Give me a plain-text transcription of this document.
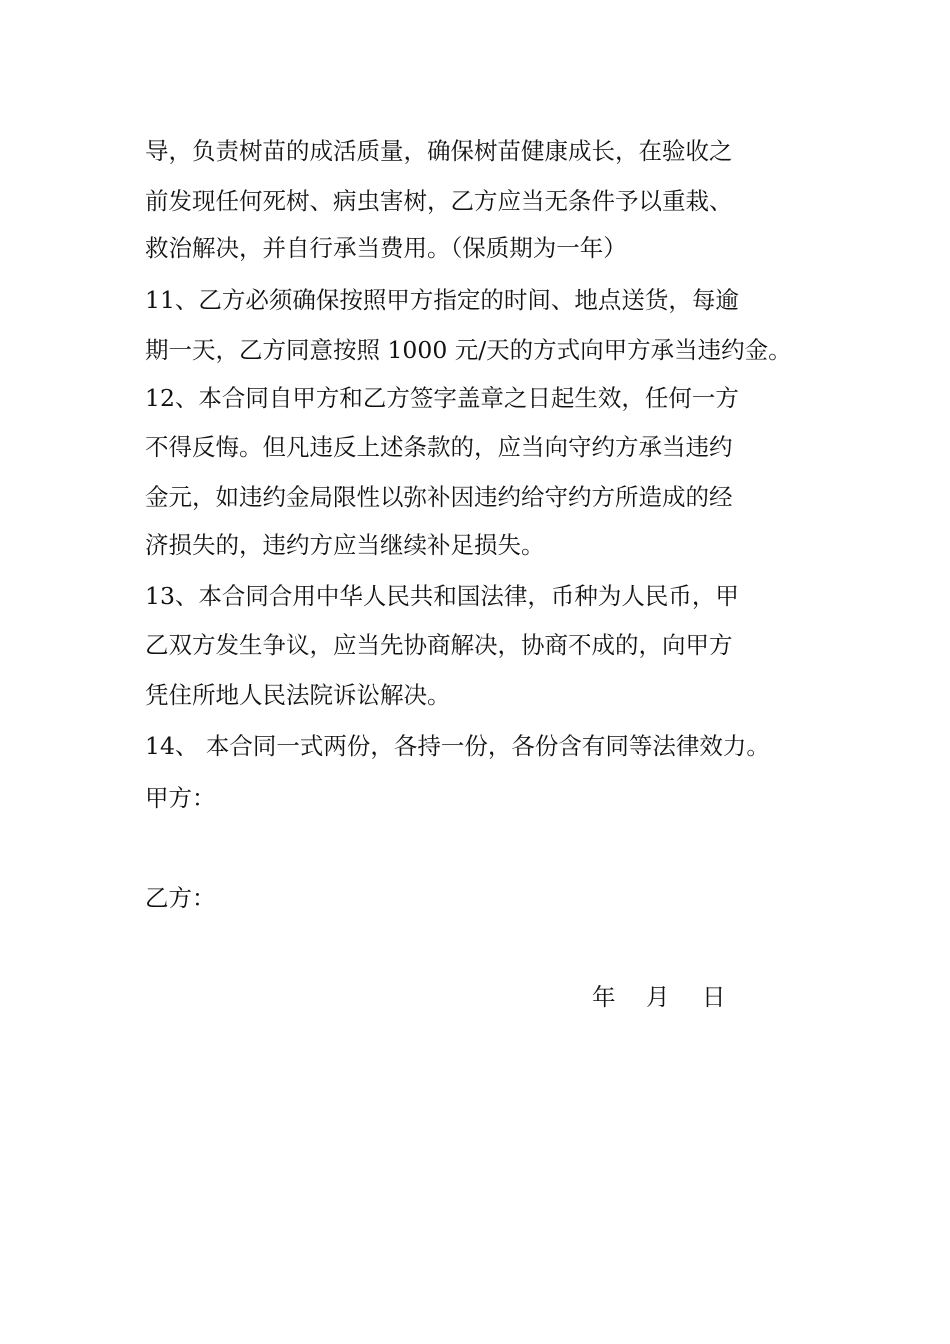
导，负责树苗的成活质量，确保树苗健康成长，在验收之
前发现任何死树、病虫害树，乙方应当无条件予以重栽、
救治解决，并自行承当费用。（保质期为一年）
11、乙方必须确保按照甲方指定的时间、地点送货，每逾
期一天，乙方同意按照 1000 元/天的方式向甲方承当违约金。
12、本合同自甲方和乙方签字盖章之日起生效，任何一方
不得反悔。但凡违反上述条款的，应当向守约方承当违约
金元，如违约金局限性以弥补因违约给守约方所造成的经
济损失的，违约方应当继续补足损失。
13、本合同合用中华人民共和国法律，币种为人民币，甲
乙双方发生争议，应当先协商解决，协商不成的，向甲方
凭住所地人民法院诉讼解决。
14、 本合同一式两份，各持一份，各份含有同等法律效力。
甲方：
乙方：
年 月 日
